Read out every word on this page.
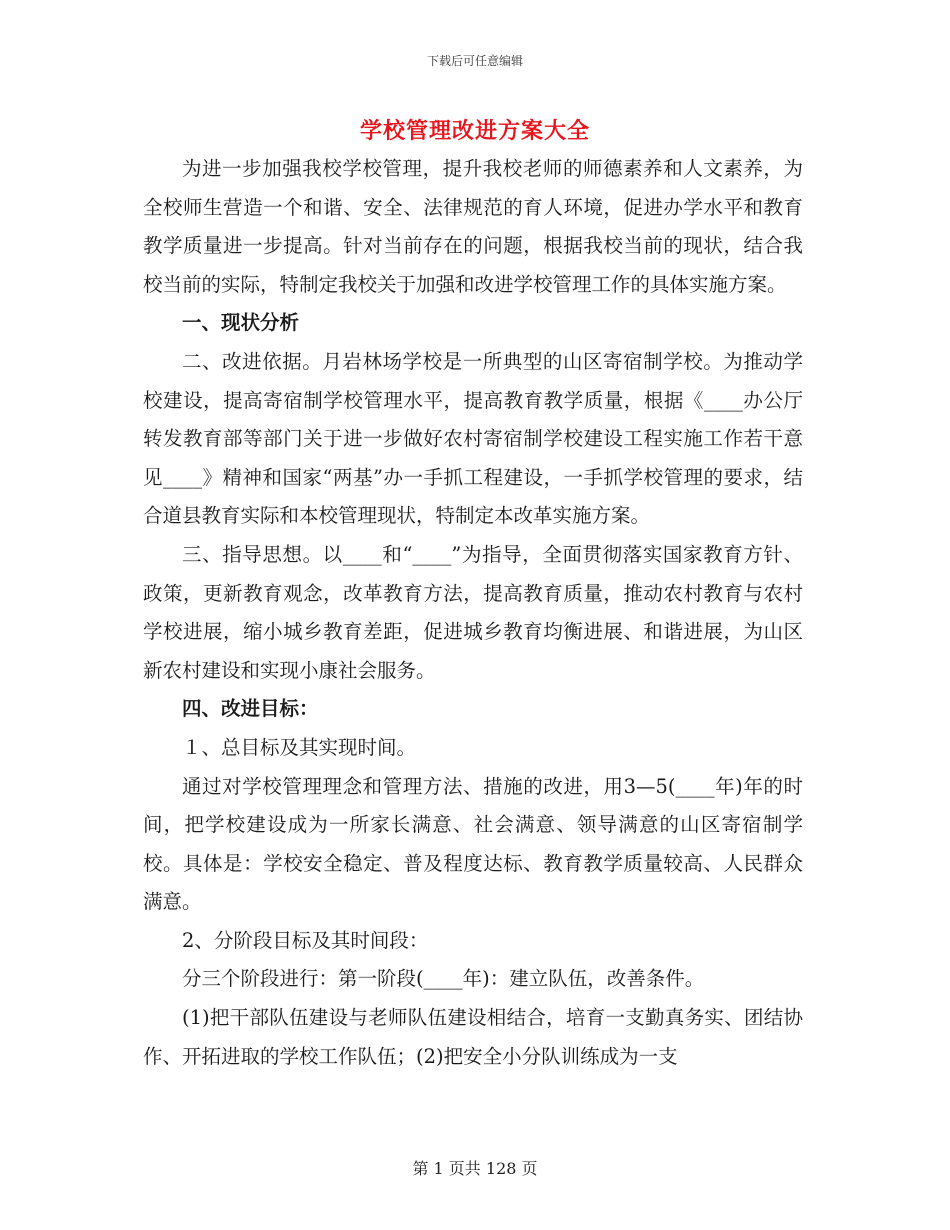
下载后可任意编辑
学校管理改进方案大全

为进一步加强我校学校管理，提升我校老师的师德素养和人文素养，为全校师生营造一个和谐、安全、法律规范的育人环境，促进办学水平和教育教学质量进一步提高。针对当前存在的问题，根据我校当前的现状，结合我校当前的实际，特制定我校关于加强和改进学校管理工作的具体实施方案。

一、现状分析

二、改进依据。月岩林场学校是一所典型的山区寄宿制学校。为推动学校建设，提高寄宿制学校管理水平，提高教育教学质量，根据《____办公厅转发教育部等部门关于进一步做好农村寄宿制学校建设工程实施工作若干意见____》精神和国家“两基”办一手抓工程建设，一手抓学校管理的要求，结合道县教育实际和本校管理现状，特制定本改革实施方案。

三、指导思想。以____和“____”为指导，全面贯彻落实国家教育方针、政策，更新教育观念，改革教育方法，提高教育质量，推动农村教育与农村学校进展，缩小城乡教育差距，促进城乡教育均衡进展、和谐进展，为山区新农村建设和实现小康社会服务。

四、改进目标：

１、总目标及其实现时间。

通过对学校管理理念和管理方法、措施的改进，用3—5(____年)年的时间，把学校建设成为一所家长满意、社会满意、领导满意的山区寄宿制学校。具体是：学校安全稳定、普及程度达标、教育教学质量较高、人民群众满意。

2、分阶段目标及其时间段：

分三个阶段进行：第一阶段(____年)：建立队伍，改善条件。

(1)把干部队伍建设与老师队伍建设相结合，培育一支勤真务实、团结协作、开拓进取的学校工作队伍；(2)把安全小分队训练成为一支

第 1 页共 128 页
